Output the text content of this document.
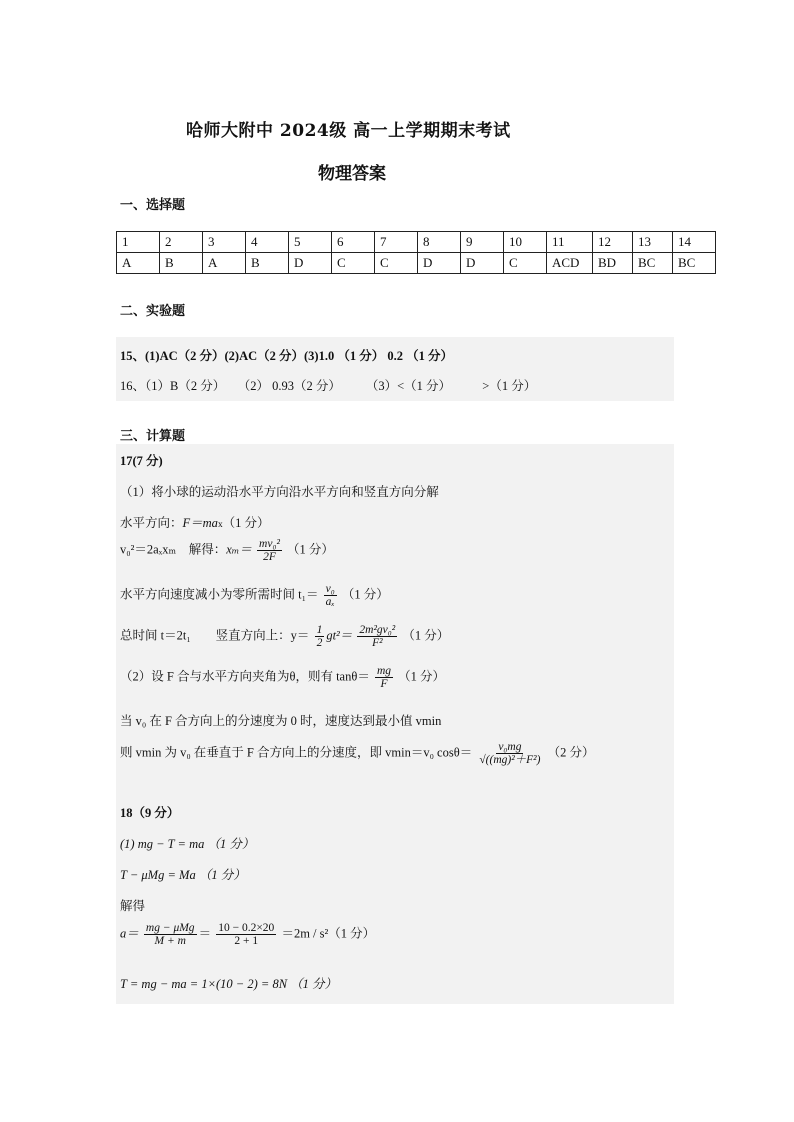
哈师大附中 2024级 高一上学期期末考试
物理答案
一、选择题
1	2	3	4	5	6	7	8	9	10	11	12	13	14
A	B	A	B	D	C	C	D	D	C	ACD	BD	BC	BC
二、实验题
15、(1)AC（2 分）(2)AC（2 分）(3)1.0 （1 分） 0.2 （1 分）
16、（1）B（2 分）　　（2） 0.93（2 分）　　　（3）<（1 分）　　　>（1 分）
三、计算题
17(7 分)
（1）将小球的运动沿水平方向沿水平方向和竖直方向分解
水平方向：F＝max（1 分）
v₀²＝2aₓxₘ　解得：$x_m= \frac{\text{mv₀²}}{2F} (1$ 分）
水平方向速度减小为零所需时间 $t_1= \frac{\text{v₀}}{\text{aₓ}} (1$ 分）
总时间 t＝2t₁　　竖直方向上：$y= \frac{1}{2} gt^2= \frac{\text{2m²gv₀²}}{\text{F²}} (1$ 分）
（2）设 F 合与水平方向夹角为θ，则有 $\tan\theta= \frac{mg}{F} (1$ 分）
当 v₀ 在 F 合方向上的分速度为 0 时，速度达到最小值 vmin
则 vmin 为 v₀ 在垂直于 F 合方向上的分速度，即 vmin＝v₀ $\cos\theta= \frac{\text{v₀mg}}{\text{√((mg)²＋F²)}} (2$ 分）
18（9 分）
(1) mg − T = ma （1 分）
T − μMg = Ma （1 分）
解得
$a= \frac{\text{mg − μMg}}{M + m} = \frac{10 - 0.2\times 20}{2 + 1} =2m / s^2(1$ 分）
T = mg − ma = 1×(10 − 2) = 8N （1 分）
